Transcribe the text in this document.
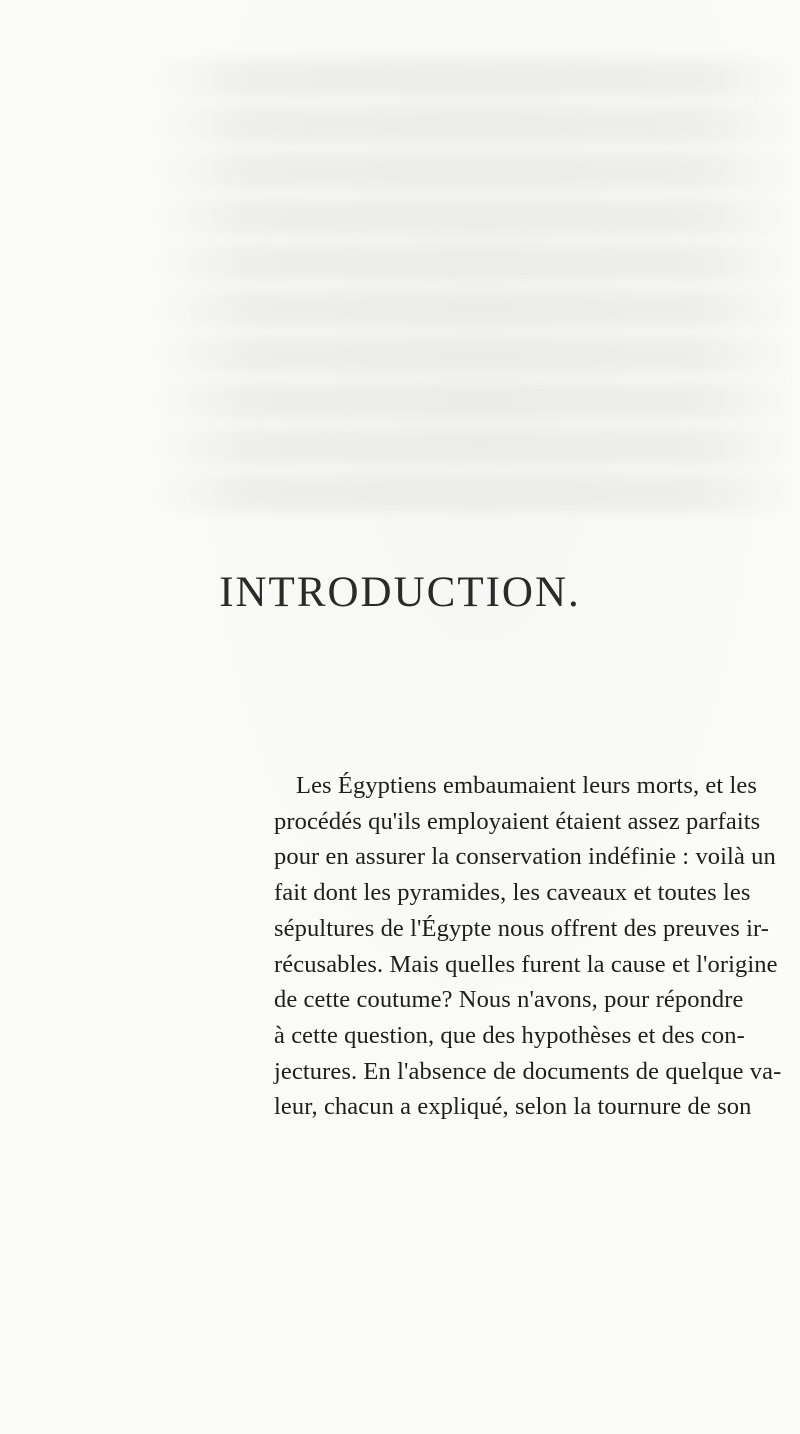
INTRODUCTION.
Les Égyptiens embaumaient leurs morts, et les
procédés qu'ils employaient étaient assez parfaits
pour en assurer la conservation indéfinie : voilà un
fait dont les pyramides, les caveaux et toutes les
sépultures de l'Égypte nous offrent des preuves ir-
récusables. Mais quelles furent la cause et l'origine
de cette coutume? Nous n'avons, pour répondre
à cette question, que des hypothèses et des con-
jectures. En l'absence de documents de quelque va-
leur, chacun a expliqué, selon la tournure de son
